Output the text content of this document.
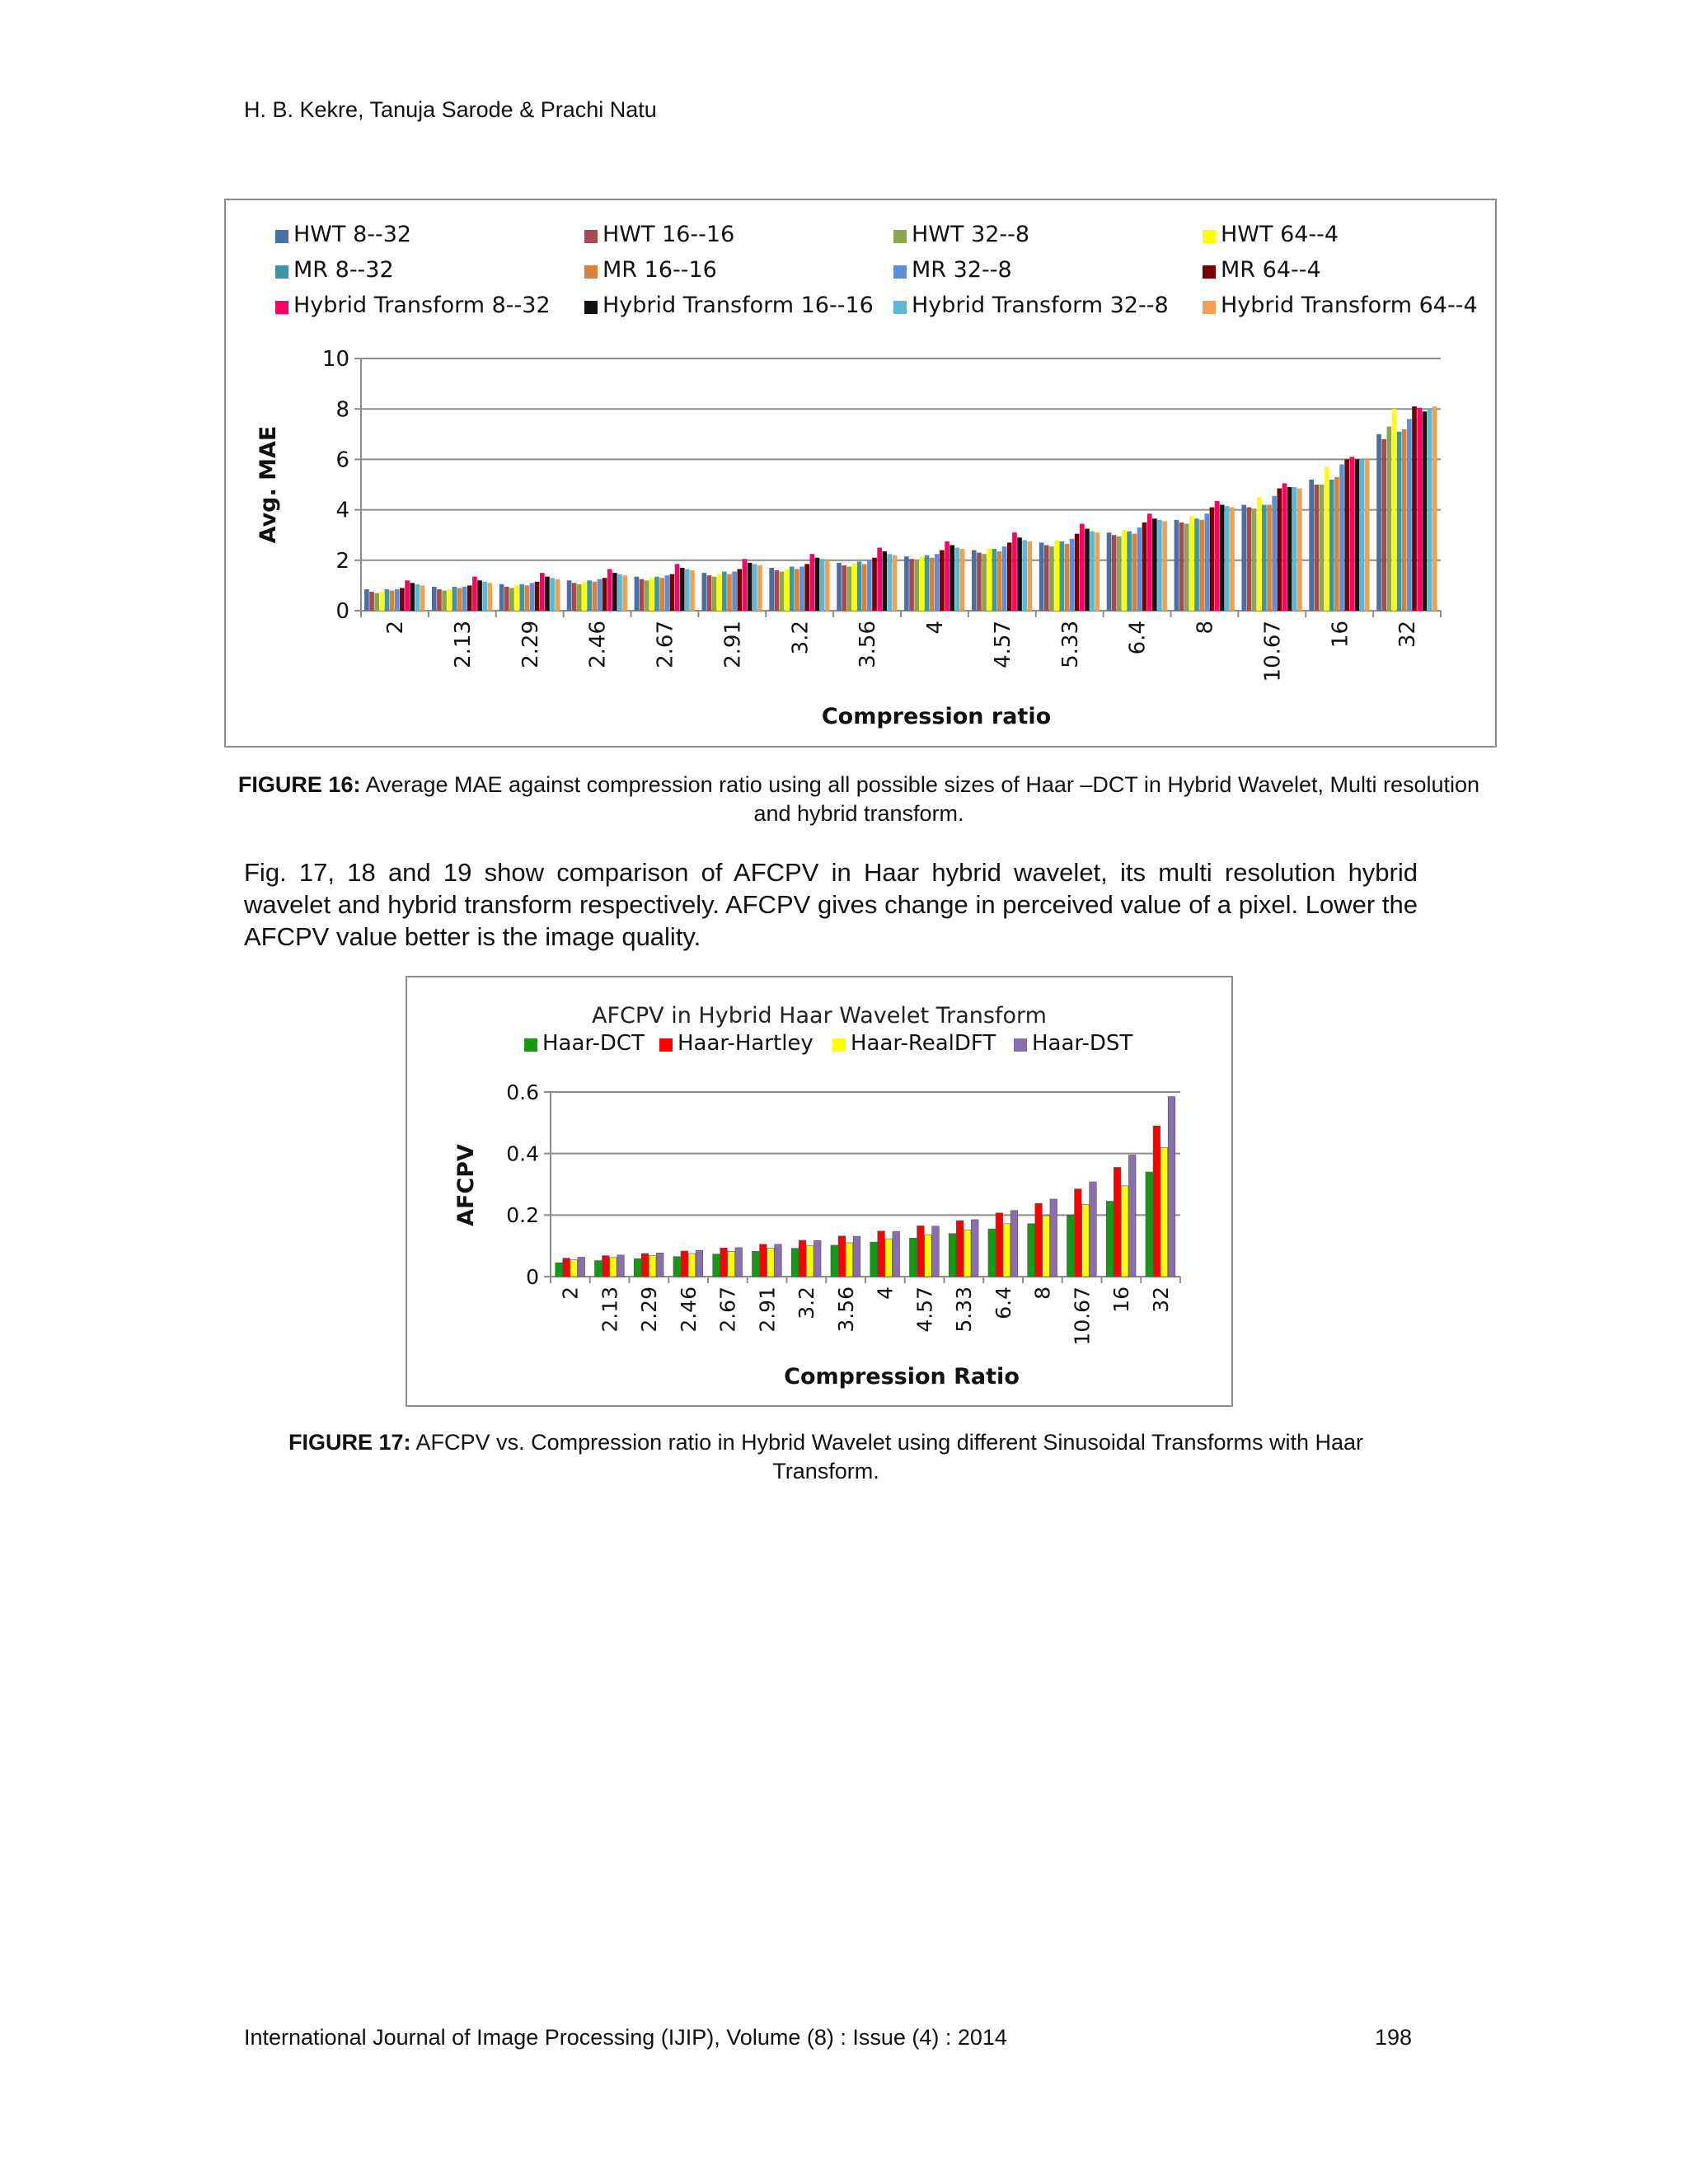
H. B. Kekre, Tanuja Sarode & Prachi Natu
HWT 8--32	HWT 16--16	HWT 32--8	HWT 64--4
MR 8--32	MR 16--16	MR 32--8	MR 64--4
Hybrid Transform 8--32 Hybrid Transform 16--16 Hybrid Transform 32--8 Hybrid Transform 64--4
0
2
4
6
8
10
2 2.13 2.29 2.46 2.67 2.91 3.2 3.56 4 4.57 5.33 6.4 8 10.67 16 32
Compression ratio
Avg. MAE
FIGURE 16: Average MAE against compression ratio using all possible sizes of Haar –DCT in Hybrid Wavelet, Multi resolution and hybrid transform.
Fig. 17, 18 and 19 show comparison of AFCPV in Haar hybrid wavelet, its multi resolution hybrid wavelet and hybrid transform respectively. AFCPV gives change in perceived value of a pixel. Lower the AFCPV value better is the image quality.
AFCPV in Hybrid Haar Wavelet Transform
Haar-DCT Haar-Hartley Haar-RealDFT Haar-DST
0
0.2
0.4
0.6
2 2.13 2.29 2.46 2.67 2.91 3.2 3.56 4 4.57 5.33 6.4 8 10.67 16 32
Compression Ratio
AFCPV
FIGURE 17: AFCPV vs. Compression ratio in Hybrid Wavelet using different Sinusoidal Transforms with Haar Transform.
International Journal of Image Processing (IJIP), Volume (8) : Issue (4) : 2014	198
